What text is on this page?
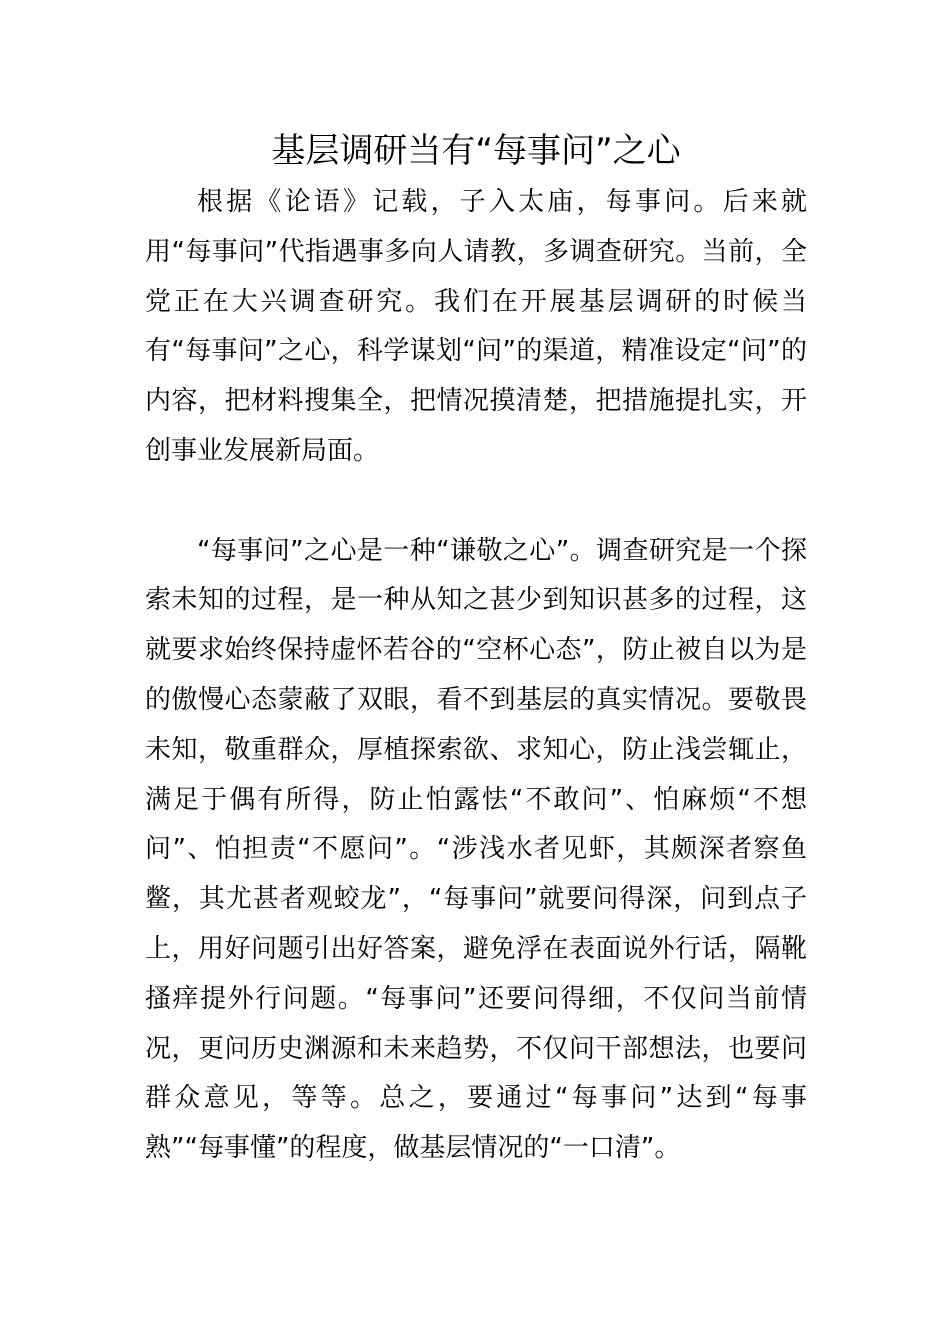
基层调研当有“每事问”之心

根据《论语》记载，子入太庙，每事问。后来就用“每事问”代指遇事多向人请教，多调查研究。当前，全党正在大兴调查研究。我们在开展基层调研的时候当有“每事问”之心，科学谋划“问”的渠道，精准设定“问”的内容，把材料搜集全，把情况摸清楚，把措施提扎实，开创事业发展新局面。

“每事问”之心是一种“谦敬之心”。调查研究是一个探索未知的过程，是一种从知之甚少到知识甚多的过程，这就要求始终保持虚怀若谷的“空杯心态”，防止被自以为是的傲慢心态蒙蔽了双眼，看不到基层的真实情况。要敬畏未知，敬重群众，厚植探索欲、求知心，防止浅尝辄止，满足于偶有所得，防止怕露怯“不敢问”、怕麻烦“不想问”、怕担责“不愿问”。“涉浅水者见虾，其颇深者察鱼鳖，其尤甚者观蛟龙”，“每事问”就要问得深，问到点子上，用好问题引出好答案，避免浮在表面说外行话，隔靴搔痒提外行问题。“每事问”还要问得细，不仅问当前情况，更问历史渊源和未来趋势，不仅问干部想法，也要问群众意见，等等。总之，要通过“每事问”达到“每事熟”“每事懂”的程度，做基层情况的“一口清”。
